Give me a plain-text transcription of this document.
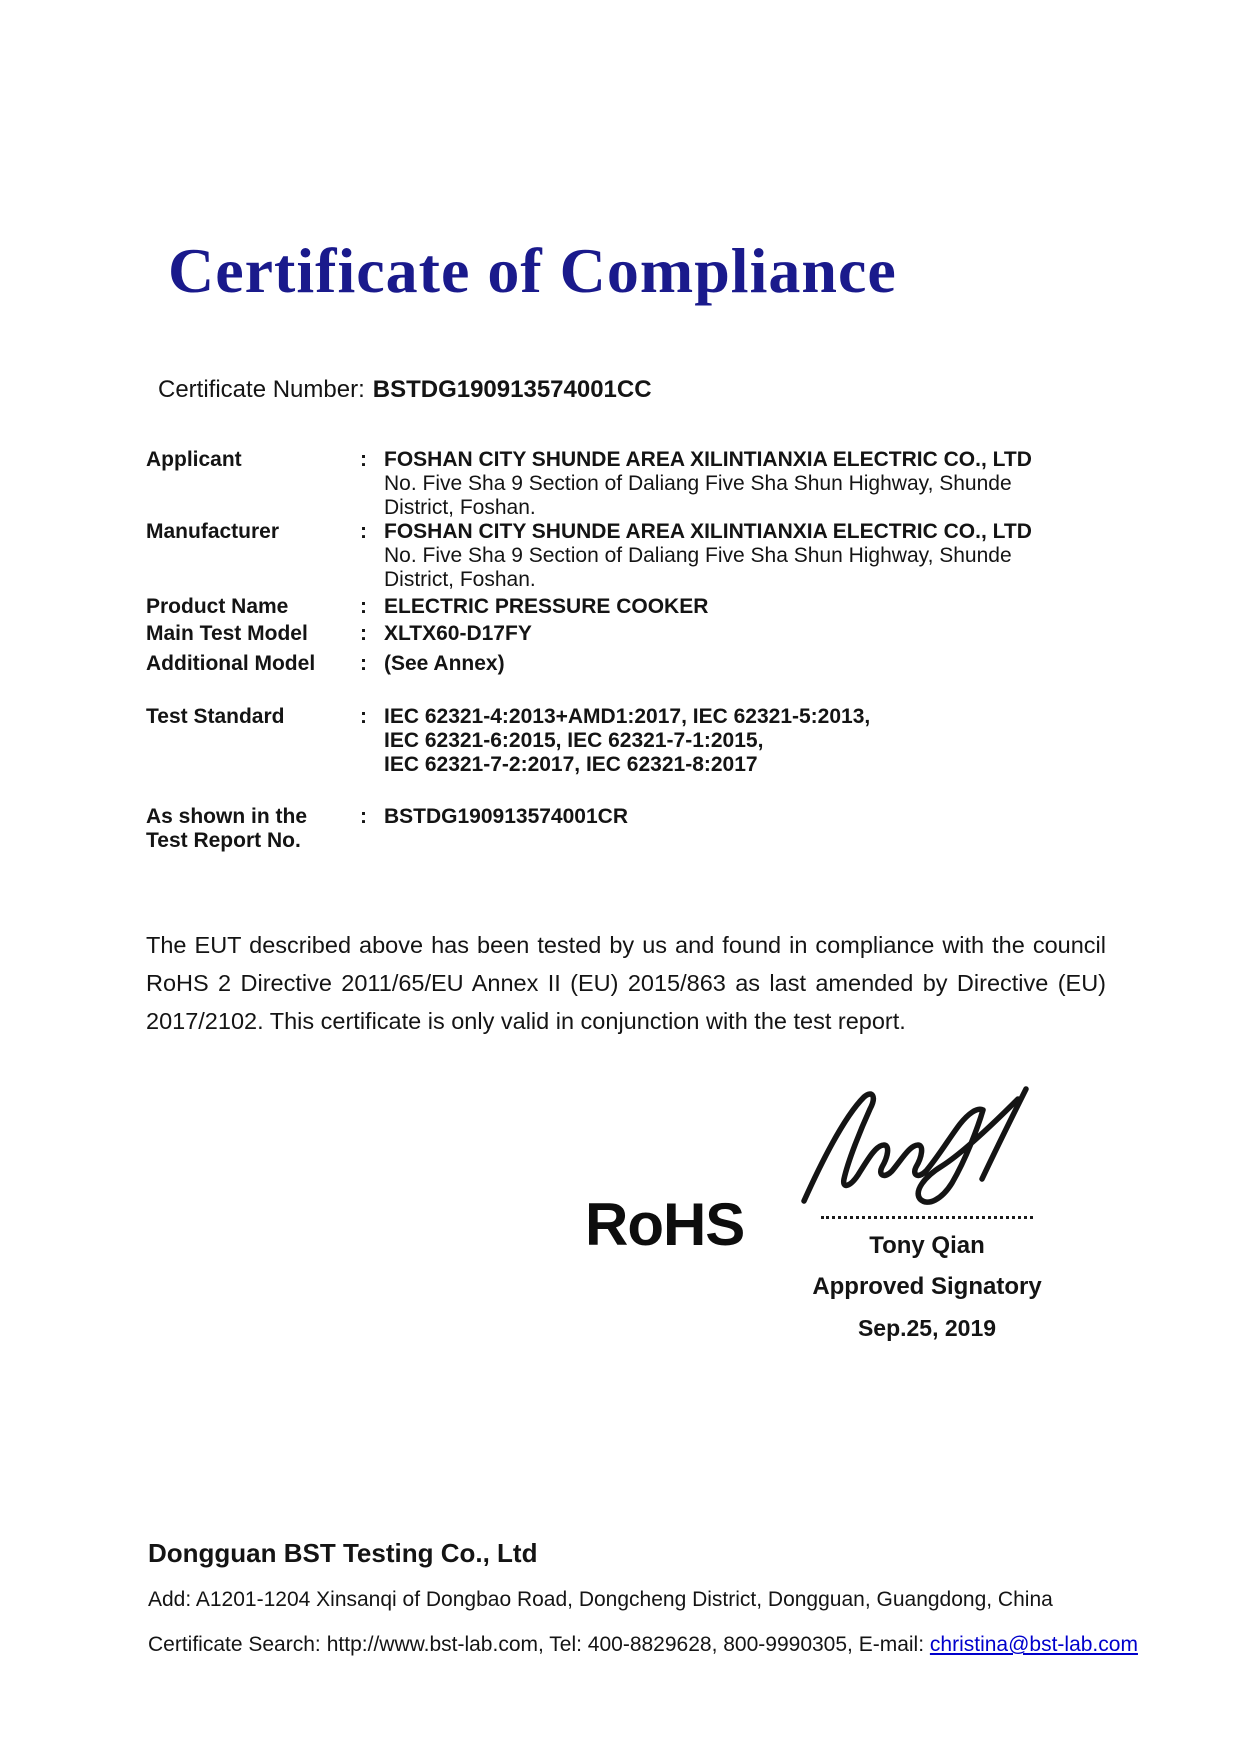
Certificate of Compliance
Certificate Number: BSTDG190913574001CC
Applicant	: FOSHAN CITY SHUNDE AREA XILINTIANXIA ELECTRIC CO., LTD
No. Five Sha 9 Section of Daliang Five Sha Shun Highway, Shunde
District, Foshan.
Manufacturer	: FOSHAN CITY SHUNDE AREA XILINTIANXIA ELECTRIC CO., LTD
No. Five Sha 9 Section of Daliang Five Sha Shun Highway, Shunde
District, Foshan.
Product Name	: ELECTRIC PRESSURE COOKER
Main Test Model	: XLTX60-D17FY
Additional Model	: (See Annex)
Test Standard	: IEC 62321-4:2013+AMD1:2017, IEC 62321-5:2013,
IEC 62321-6:2015, IEC 62321-7-1:2015,
IEC 62321-7-2:2017, IEC 62321-8:2017
As shown in the
Test Report No.
: BSTDG190913574001CR
The EUT described above has been tested by us and found in compliance with the council RoHS 2 Directive 2011/65/EU Annex II (EU) 2015/863 as last amended by Directive (EU) 2017/2102. This certificate is only valid in conjunction with the test report.
RoHS	Tony Qian
Approved Signatory
Sep.25, 2019
Dongguan BST Testing Co., Ltd
Add: A1201-1204 Xinsanqi of Dongbao Road, Dongcheng District, Dongguan, Guangdong, China
Certificate Search: http://www.bst-lab.com, Tel: 400-8829628, 800-9990305, E-mail: christina@bst-lab.com
